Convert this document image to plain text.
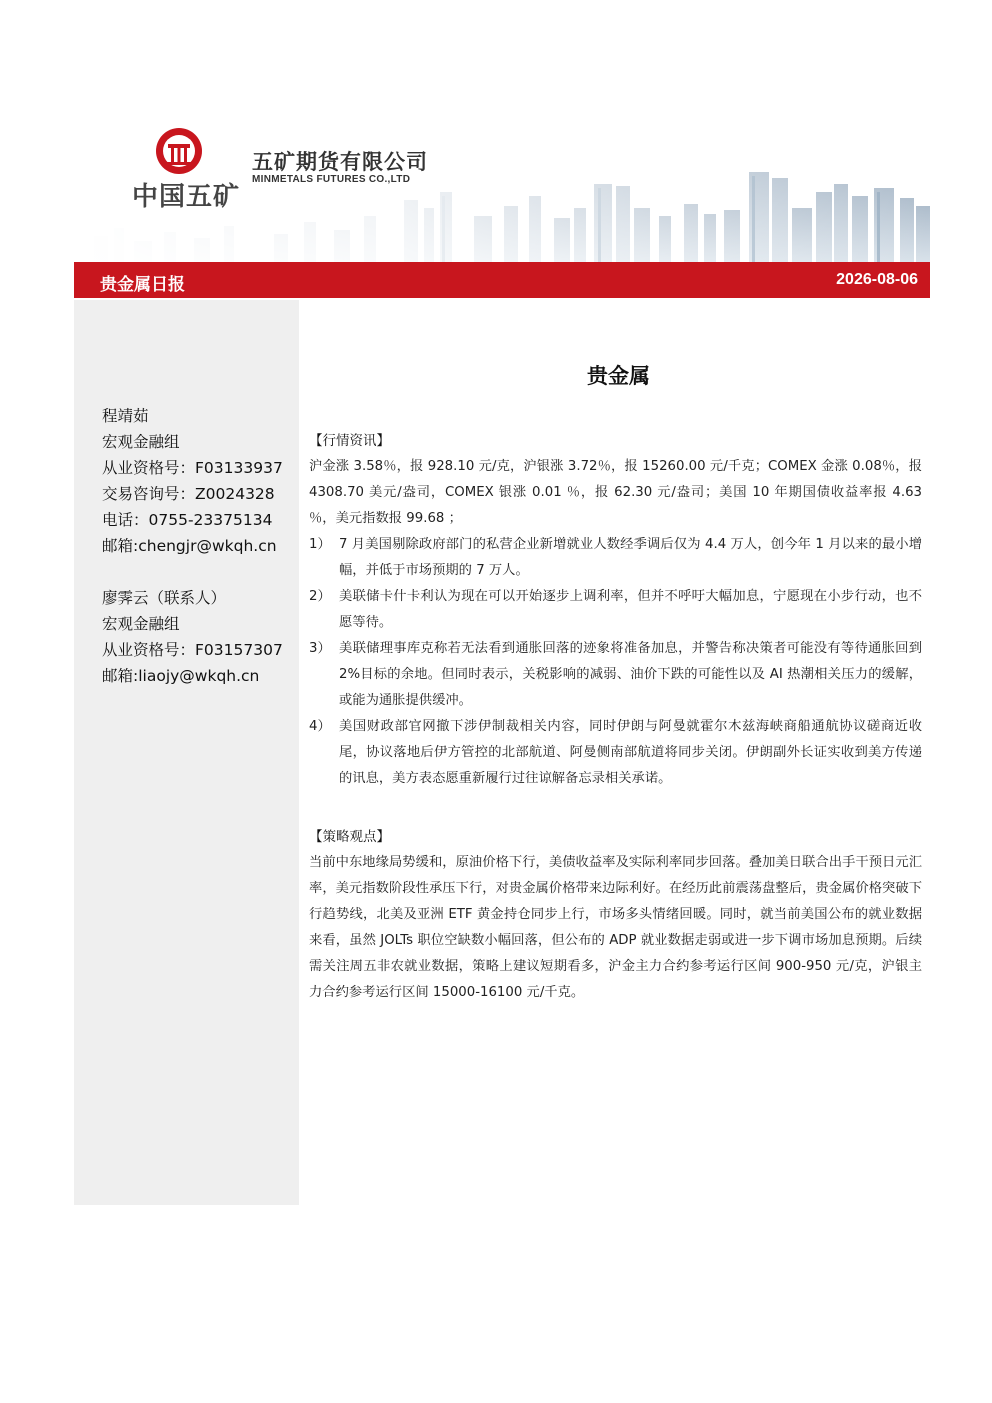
中国五矿
五矿期货有限公司
MINMETALS FUTURES CO.,LTD
贵金属日报	2026-08-06
程靖茹
宏观金融组
从业资格号：F03133937
交易咨询号：Z0024328
电话：0755-23375134
邮箱:chengjr@wkqh.cn
廖霁云（联系人）
宏观金融组
从业资格号：F03157307
邮箱:liaojy@wkqh.cn
贵金属
【行情资讯】
沪金涨 3.58％，报 928.10 元/克，沪银涨 3.72％，报 15260.00 元/千克；COMEX 金涨 0.08％，报 4308.70 美元/盎司，COMEX 银涨 0.01 ％，报 62.30 元/盎司；美国 10 年期国债收益率报 4.63 ％，美元指数报 99.68 ；
1） 7 月美国剔除政府部门的私营企业新增就业人数经季调后仅为 4.4 万人，创今年 1 月以来的最小增幅，并低于市场预期的 7 万人。
2） 美联储卡什卡利认为现在可以开始逐步上调利率，但并不呼吁大幅加息，宁愿现在小步行动，也不愿等待。
3） 美联储理事库克称若无法看到通胀回落的迹象将准备加息，并警告称决策者可能没有等待通胀回到 2%目标的余地。但同时表示，关税影响的减弱、油价下跌的可能性以及 AI 热潮相关压力的缓解，或能为通胀提供缓冲。
4） 美国财政部官网撤下涉伊制裁相关内容，同时伊朗与阿曼就霍尔木兹海峡商船通航协议磋商近收尾，协议落地后伊方管控的北部航道、阿曼侧南部航道将同步关闭。伊朗副外长证实收到美方传递的讯息，美方表态愿重新履行过往谅解备忘录相关承诺。
【策略观点】
当前中东地缘局势缓和，原油价格下行，美债收益率及实际利率同步回落。叠加美日联合出手干预日元汇率，美元指数阶段性承压下行，对贵金属价格带来边际利好。在经历此前震荡盘整后，贵金属价格突破下行趋势线，北美及亚洲 ETF 黄金持仓同步上行，市场多头情绪回暖。同时，就当前美国公布的就业数据来看，虽然 JOLTs 职位空缺数小幅回落，但公布的 ADP 就业数据走弱或进一步下调市场加息预期。后续需关注周五非农就业数据，策略上建议短期看多，沪金主力合约参考运行区间 900-950 元/克，沪银主力合约参考运行区间 15000-16100 元/千克。
